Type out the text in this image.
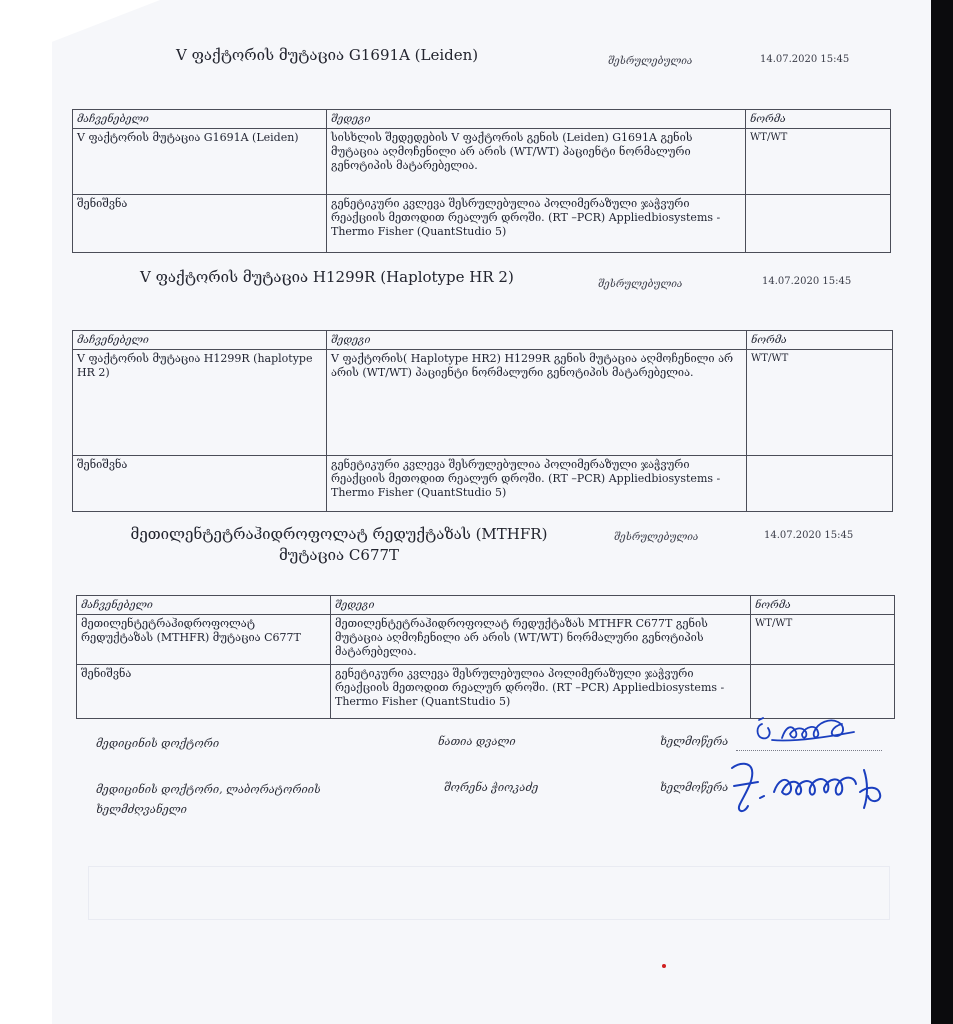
V ფაქტორის მუტაცია G1691A (Leiden)	შესრულებულია	14.07.2020 15:45
მაჩვენებელი	შედეგი	ნორმა
V ფაქტორის მუტაცია G1691A (Leiden)	სისხლის შედედების V ფაქტორის გენის (Leiden) G1691A გენის მუტაცია აღმოჩენილი არ არის (WT/WT) პაციენტი ნორმალური გენოტიპის მატარებელია.	WT/WT
შენიშვნა	გენეტიკური კვლევა შესრულებულია პოლიმერაზული ჯაჭვური რეაქციის მეთოდით რეალურ დროში. (RT –PCR) Appliedbiosystems - Thermo Fisher (QuantStudio 5)	
V ფაქტორის მუტაცია H1299R (Haplotype HR 2)	შესრულებულია	14.07.2020 15:45
მაჩვენებელი	შედეგი	ნორმა
V ფაქტორის მუტაცია H1299R (haplotype HR 2)	V ფაქტორის( Haplotype HR2) H1299R გენის მუტაცია აღმოჩენილი არ არის (WT/WT) პაციენტი ნორმალური გენოტიპის მატარებელია.	WT/WT
შენიშვნა	გენეტიკური კვლევა შესრულებულია პოლიმერაზული ჯაჭვური რეაქციის მეთოდით რეალურ დროში. (RT –PCR) Appliedbiosystems - Thermo Fisher (QuantStudio 5)	
მეთილენტეტრაჰიდროფოლატ რედუქტაზას (MTHFR)
მუტაცია C677T
შესრულებულია	14.07.2020 15:45
მაჩვენებელი	შედეგი	ნორმა
მეთილენტეტრაჰიდროფოლატ რედუქტაზას (MTHFR) მუტაცია C677T	მეთილენტეტრაჰიდროფოლატ რედუქტაზას MTHFR C677T გენის მუტაცია აღმოჩენილი არ არის (WT/WT) ნორმალური გენოტიპის მატარებელია.	WT/WT
შენიშვნა	გენეტიკური კვლევა შესრულებულია პოლიმერაზული ჯაჭვური რეაქციის მეთოდით რეალურ დროში. (RT –PCR) Appliedbiosystems - Thermo Fisher (QuantStudio 5)	
მედიცინის დოქტორი	ნათია დვალი	ხელმოწერა
მედიცინის დოქტორი, ლაბორატორიის
ხელმძღვანელი
შორენა ჭიოკაძე	ხელმოწერა
